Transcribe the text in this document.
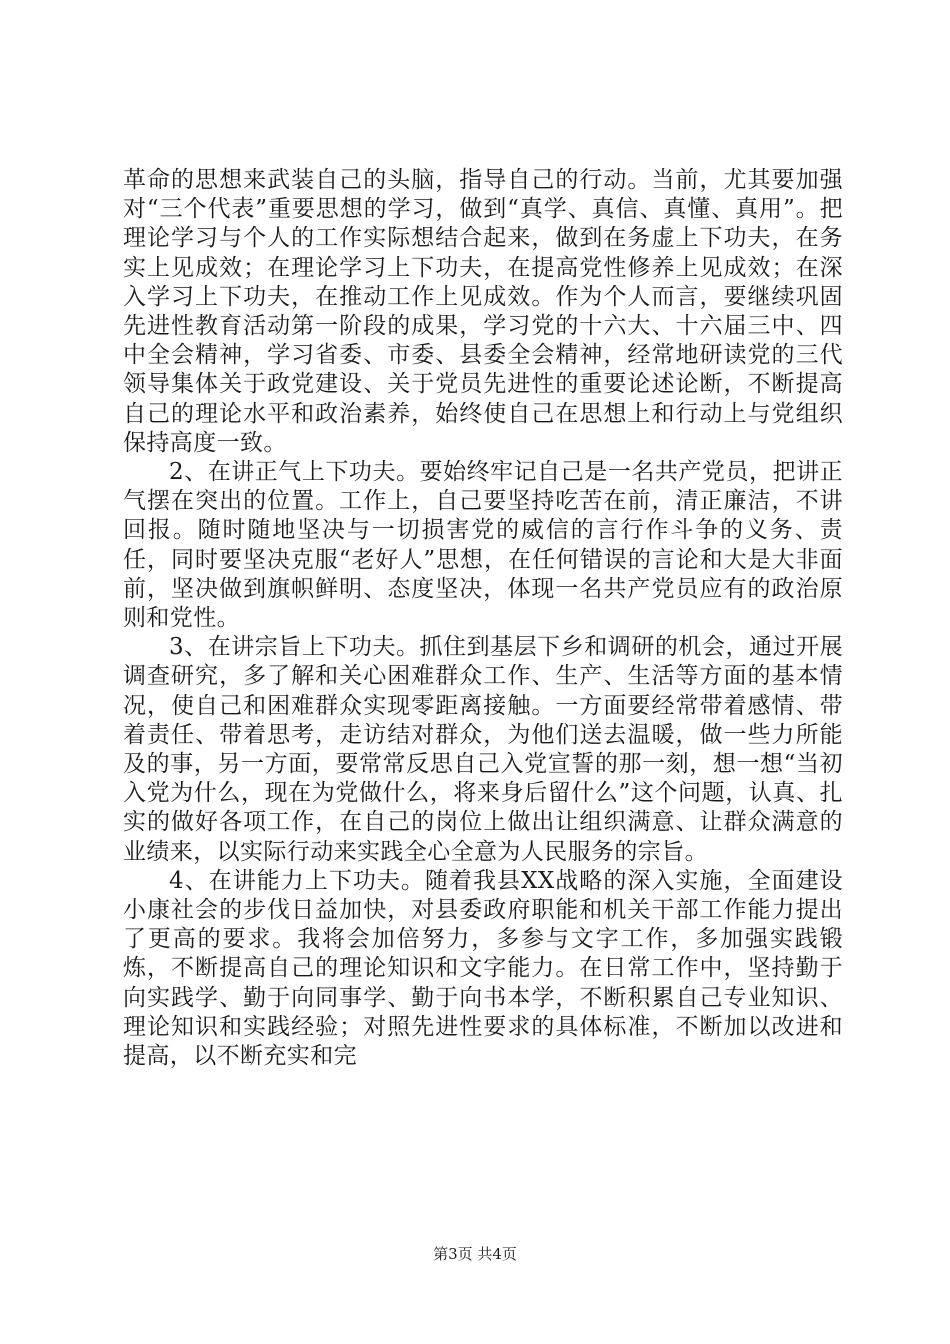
革命的思想来武装自己的头脑，指导自己的行动。当前，尤其要加强对“三个代表”重要思想的学习，做到“真学、真信、真懂、真用”。把理论学习与个人的工作实际想结合起来，做到在务虚上下功夫，在务实上见成效；在理论学习上下功夫，在提高党性修养上见成效；在深入学习上下功夫，在推动工作上见成效。作为个人而言，要继续巩固先进性教育活动第一阶段的成果，学习党的十六大、十六届三中、四中全会精神，学习省委、市委、县委全会精神，经常地研读党的三代领导集体关于政党建设、关于党员先进性的重要论述论断，不断提高自己的理论水平和政治素养，始终使自己在思想上和行动上与党组织保持高度一致。

2、在讲正气上下功夫。要始终牢记自己是一名共产党员，把讲正气摆在突出的位置。工作上，自己要坚持吃苦在前，清正廉洁，不讲回报。随时随地坚决与一切损害党的威信的言行作斗争的义务、责任，同时要坚决克服“老好人”思想，在任何错误的言论和大是大非面前，坚决做到旗帜鲜明、态度坚决，体现一名共产党员应有的政治原则和党性。

3、在讲宗旨上下功夫。抓住到基层下乡和调研的机会，通过开展调查研究，多了解和关心困难群众工作、生产、生活等方面的基本情况，使自己和困难群众实现零距离接触。一方面要经常带着感情、带着责任、带着思考，走访结对群众，为他们送去温暖，做一些力所能及的事，另一方面，要常常反思自己入党宣誓的那一刻，想一想“当初入党为什么，现在为党做什么，将来身后留什么”这个问题，认真、扎实的做好各项工作，在自己的岗位上做出让组织满意、让群众满意的业绩来，以实际行动来实践全心全意为人民服务的宗旨。

4、在讲能力上下功夫。随着我县XX战略的深入实施，全面建设小康社会的步伐日益加快，对县委政府职能和机关干部工作能力提出了更高的要求。我将会加倍努力，多参与文字工作，多加强实践锻炼，不断提高自己的理论知识和文字能力。在日常工作中，坚持勤于向实践学、勤于向同事学、勤于向书本学，不断积累自己专业知识、理论知识和实践经验；对照先进性要求的具体标准，不断加以改进和提高，以不断充实和完

第3页 共4页
